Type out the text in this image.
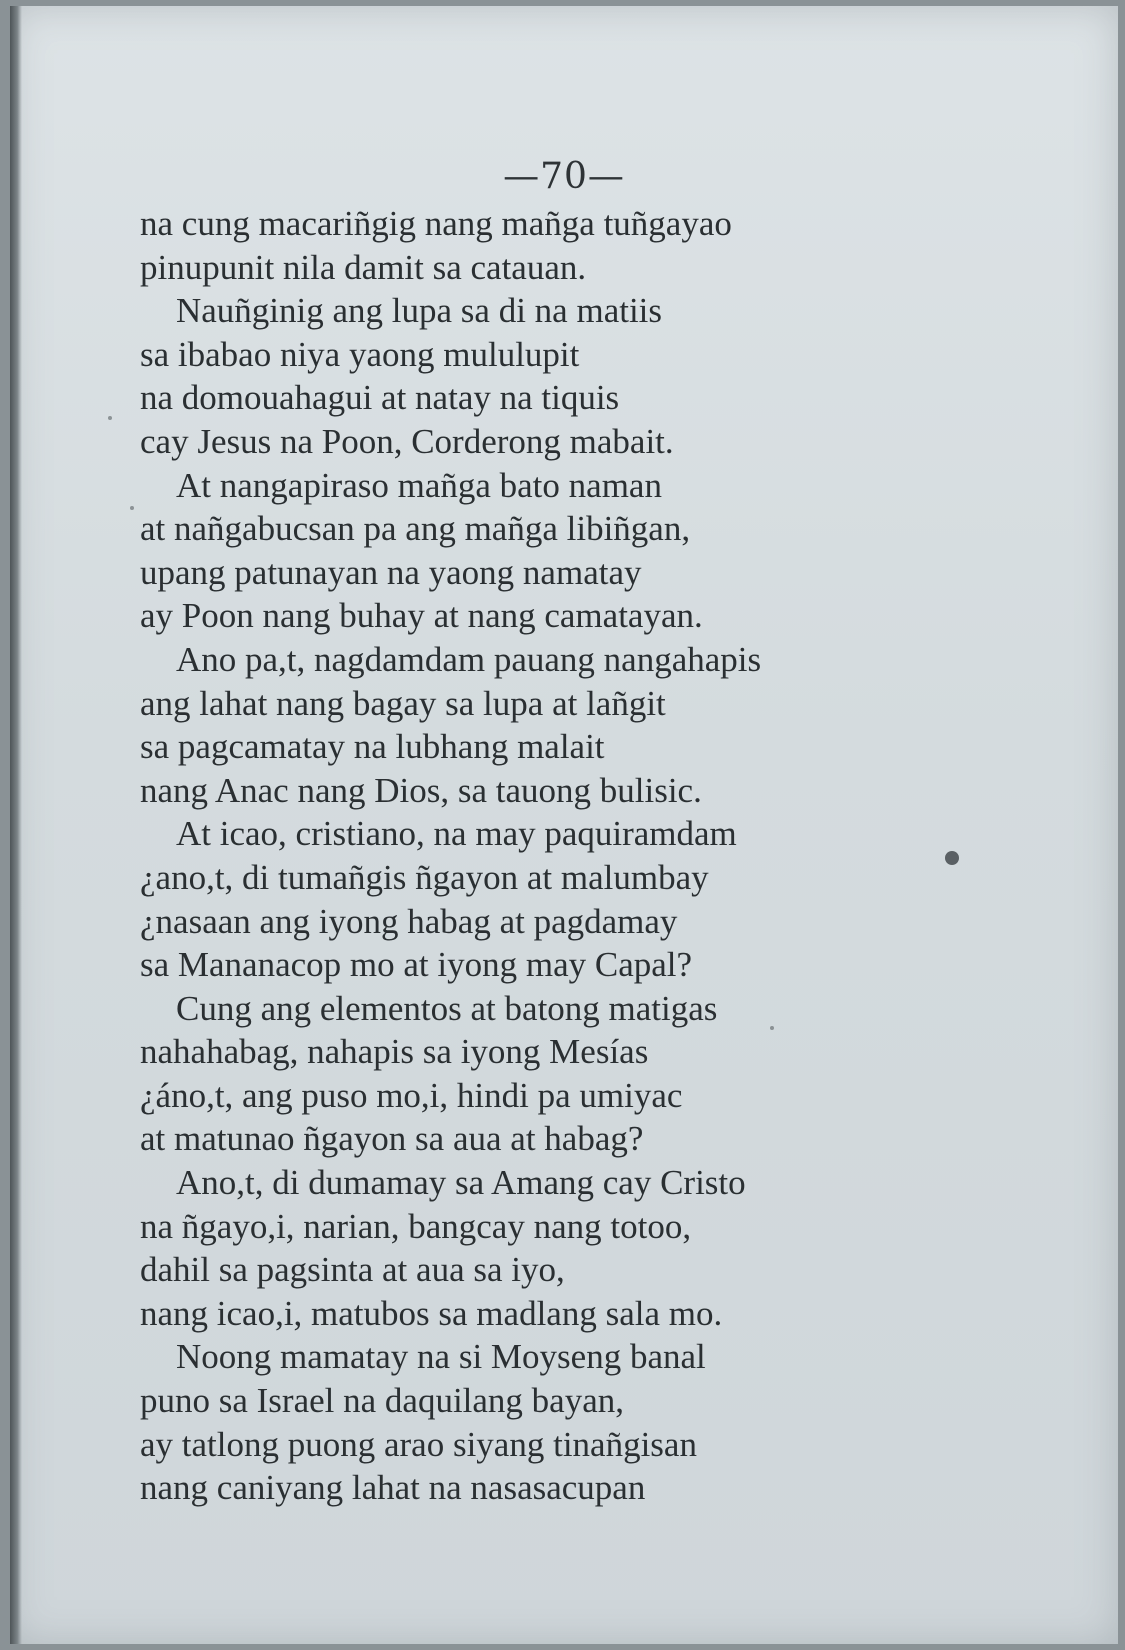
—70—
na cung macariñgig nang mañga tuñgayao
pinupunit nila damit sa catauan.
Nauñginig ang lupa sa di na matiis
sa ibabao niya yaong mululupit
na domouahagui at natay na tiquis
cay Jesus na Poon, Corderong mabait.
At nangapiraso mañga bato naman
at nañgabucsan pa ang mañga libiñgan,
upang patunayan na yaong namatay
ay Poon nang buhay at nang camatayan.
Ano pa,t, nagdamdam pauang nangahapis
ang lahat nang bagay sa lupa at lañgit
sa pagcamatay na lubhang malait
nang Anac nang Dios, sa tauong bulisic.
At icao, cristiano, na may paquiramdam
¿ano,t, di tumañgis ñgayon at malumbay
¿nasaan ang iyong habag at pagdamay
sa Mananacop mo at iyong may Capal?
Cung ang elementos at batong matigas
nahahabag, nahapis sa iyong Mesías
¿áno,t, ang puso mo,i, hindi pa umiyac
at matunao ñgayon sa aua at habag?
Ano,t, di dumamay sa Amang cay Cristo
na ñgayo,i, narian, bangcay nang totoo,
dahil sa pagsinta at aua sa iyo,
nang icao,i, matubos sa madlang sala mo.
Noong mamatay na si Moyseng banal
puno sa Israel na daquilang bayan,
ay tatlong puong arao siyang tinañgisan
nang caniyang lahat na nasasacupan
